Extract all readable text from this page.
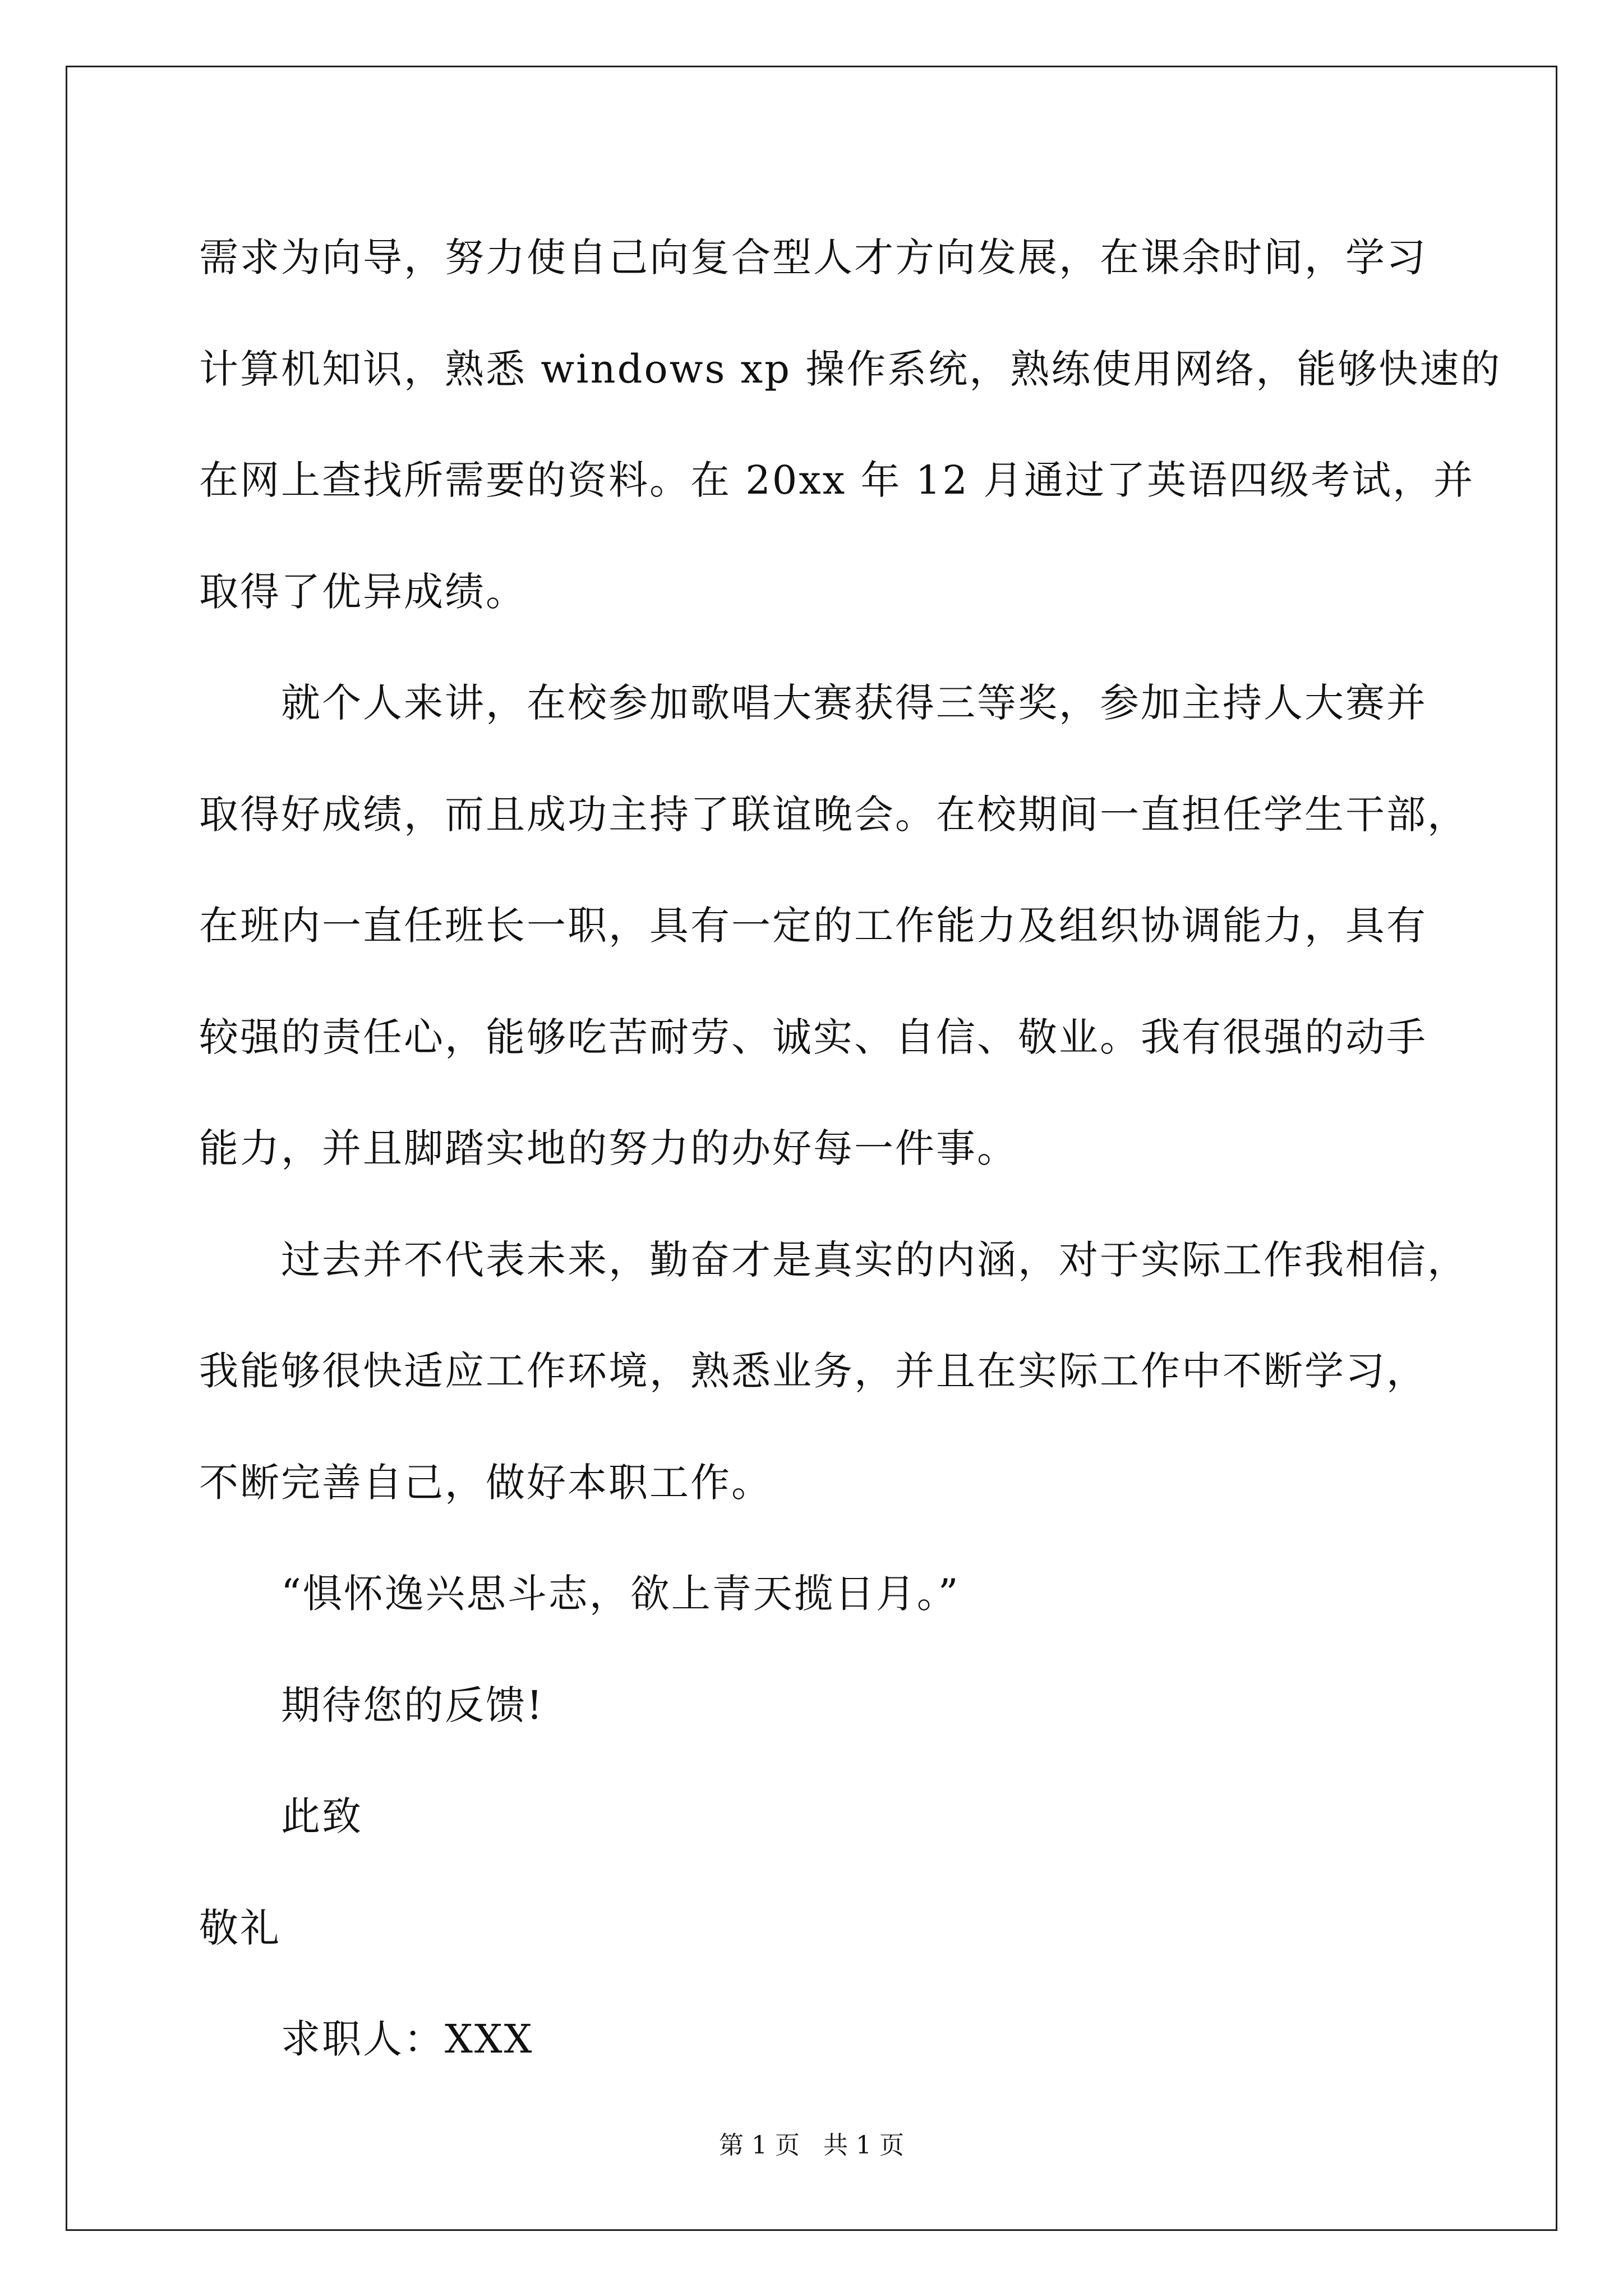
需求为向导，努力使自己向复合型人才方向发展，在课余时间，学习
计算机知识，熟悉 windows xp 操作系统，熟练使用网络，能够快速的
在网上查找所需要的资料。在 20xx 年 12 月通过了英语四级考试，并
取得了优异成绩。
就个人来讲，在校参加歌唱大赛获得三等奖，参加主持人大赛并
取得好成绩，而且成功主持了联谊晚会。在校期间一直担任学生干部，
在班内一直任班长一职，具有一定的工作能力及组织协调能力，具有
较强的责任心，能够吃苦耐劳、诚实、自信、敬业。我有很强的动手
能力，并且脚踏实地的努力的办好每一件事。
过去并不代表未来，勤奋才是真实的内涵，对于实际工作我相信，
我能够很快适应工作环境，熟悉业务，并且在实际工作中不断学习，
不断完善自己，做好本职工作。
“惧怀逸兴思斗志，欲上青天揽日月。”
期待您的反馈!
此致
敬礼
求职人：XXX
第 1 页   共 1 页
